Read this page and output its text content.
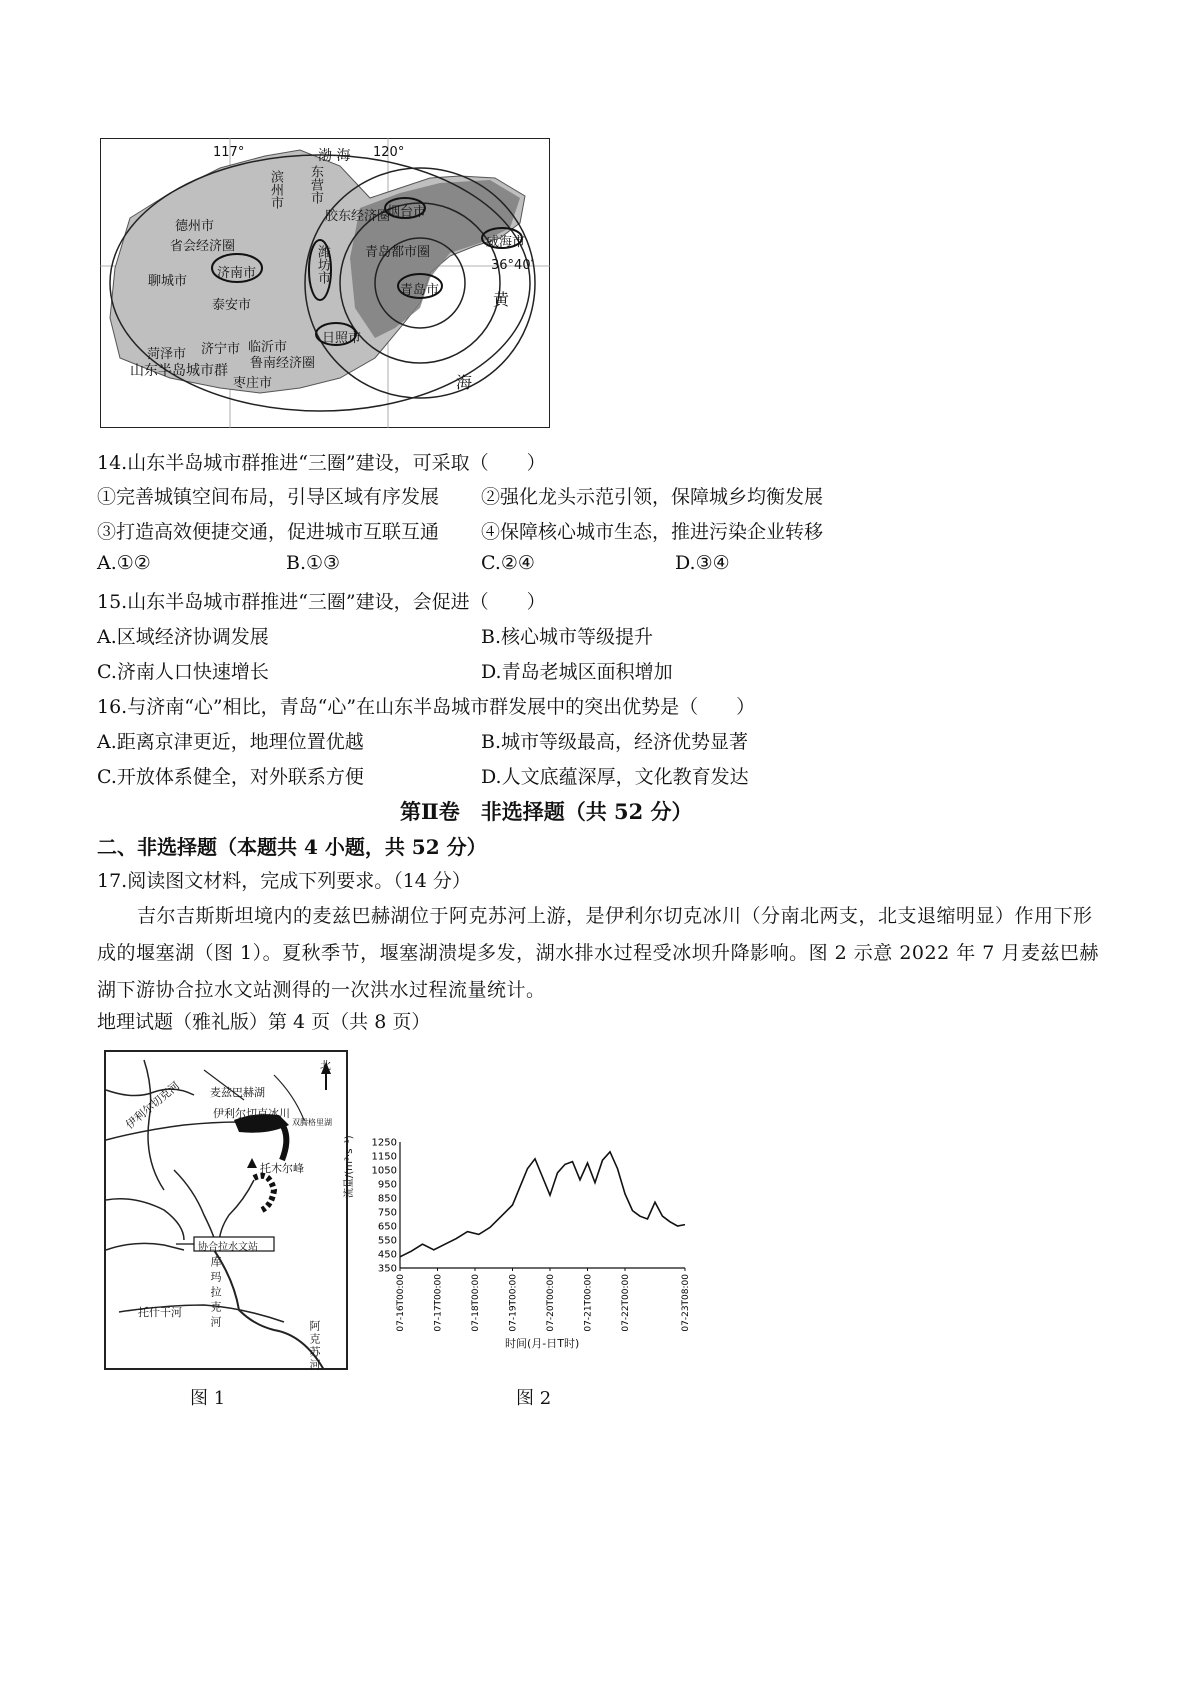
117°	渤 海 120°
36°40′
黄
海
滨州市 东营市
德州市
省会经济圈
胶东经济圈
烟台市
威海市
青岛都市圈
济南市
聊城市	潍坊市
泰安市
青岛市
日照市
菏泽市 济宁市 临沂市
鲁南经济圈
山东半岛城市群
枣庄市
14.山东半岛城市群推进“三圈”建设，可采取（　　）
①完善城镇空间布局，引导区域有序发展 ②强化龙头示范引领，保障城乡均衡发展
③打造高效便捷交通，促进城市互联互通 ④保障核心城市生态，推进污染企业转移
A.①②	B.①③	C.②④	D.③④
15.山东半岛城市群推进“三圈”建设，会促进（　　）
A.区域经济协调发展	B.核心城市等级提升
C.济南人口快速增长	D.青岛老城区面积增加
16.与济南“心”相比，青岛“心”在山东半岛城市群发展中的突出优势是（　　）
A.距离京津更近，地理位置优越	B.城市等级最高，经济优势显著
C.开放体系健全，对外联系方便	D.人文底蕴深厚，文化教育发达
第Ⅱ卷　非选择题（共 52 分）
二、非选择题（本题共 4 小题，共 52 分）
17.阅读图文材料，完成下列要求。（14 分）
吉尔吉斯斯坦境内的麦兹巴赫湖位于阿克苏河上游，是伊利尔切克冰川（分南北两支，北支退缩明显）作用下形成的堰塞湖（图 1）。夏秋季节，堰塞湖溃堤多发，湖水排水过程受冰坝升降影响。图 2 示意 2022 年 7 月麦兹巴赫湖下游协合拉水文站测得的一次洪水过程流量统计。
地理试题（雅礼版）第 4 页（共 8 页）
北
麦兹巴赫湖
伊利尔切克冰川
双腾格里湖
伊利尔切克河
托木尔峰
协合拉水文站
库玛拉克河
托什干河
阿克苏河
图 1
1250
1150
1050
950
850
750
650
550
450
350
07-16T00:00	07-17T00:00	07-18T00:00	07-19T00:00	07-20T00:00	07-21T00:00	07-22T00:00	07-23T08:00
流量/(m³·s⁻¹)
时间(月-日T时)
图 2
